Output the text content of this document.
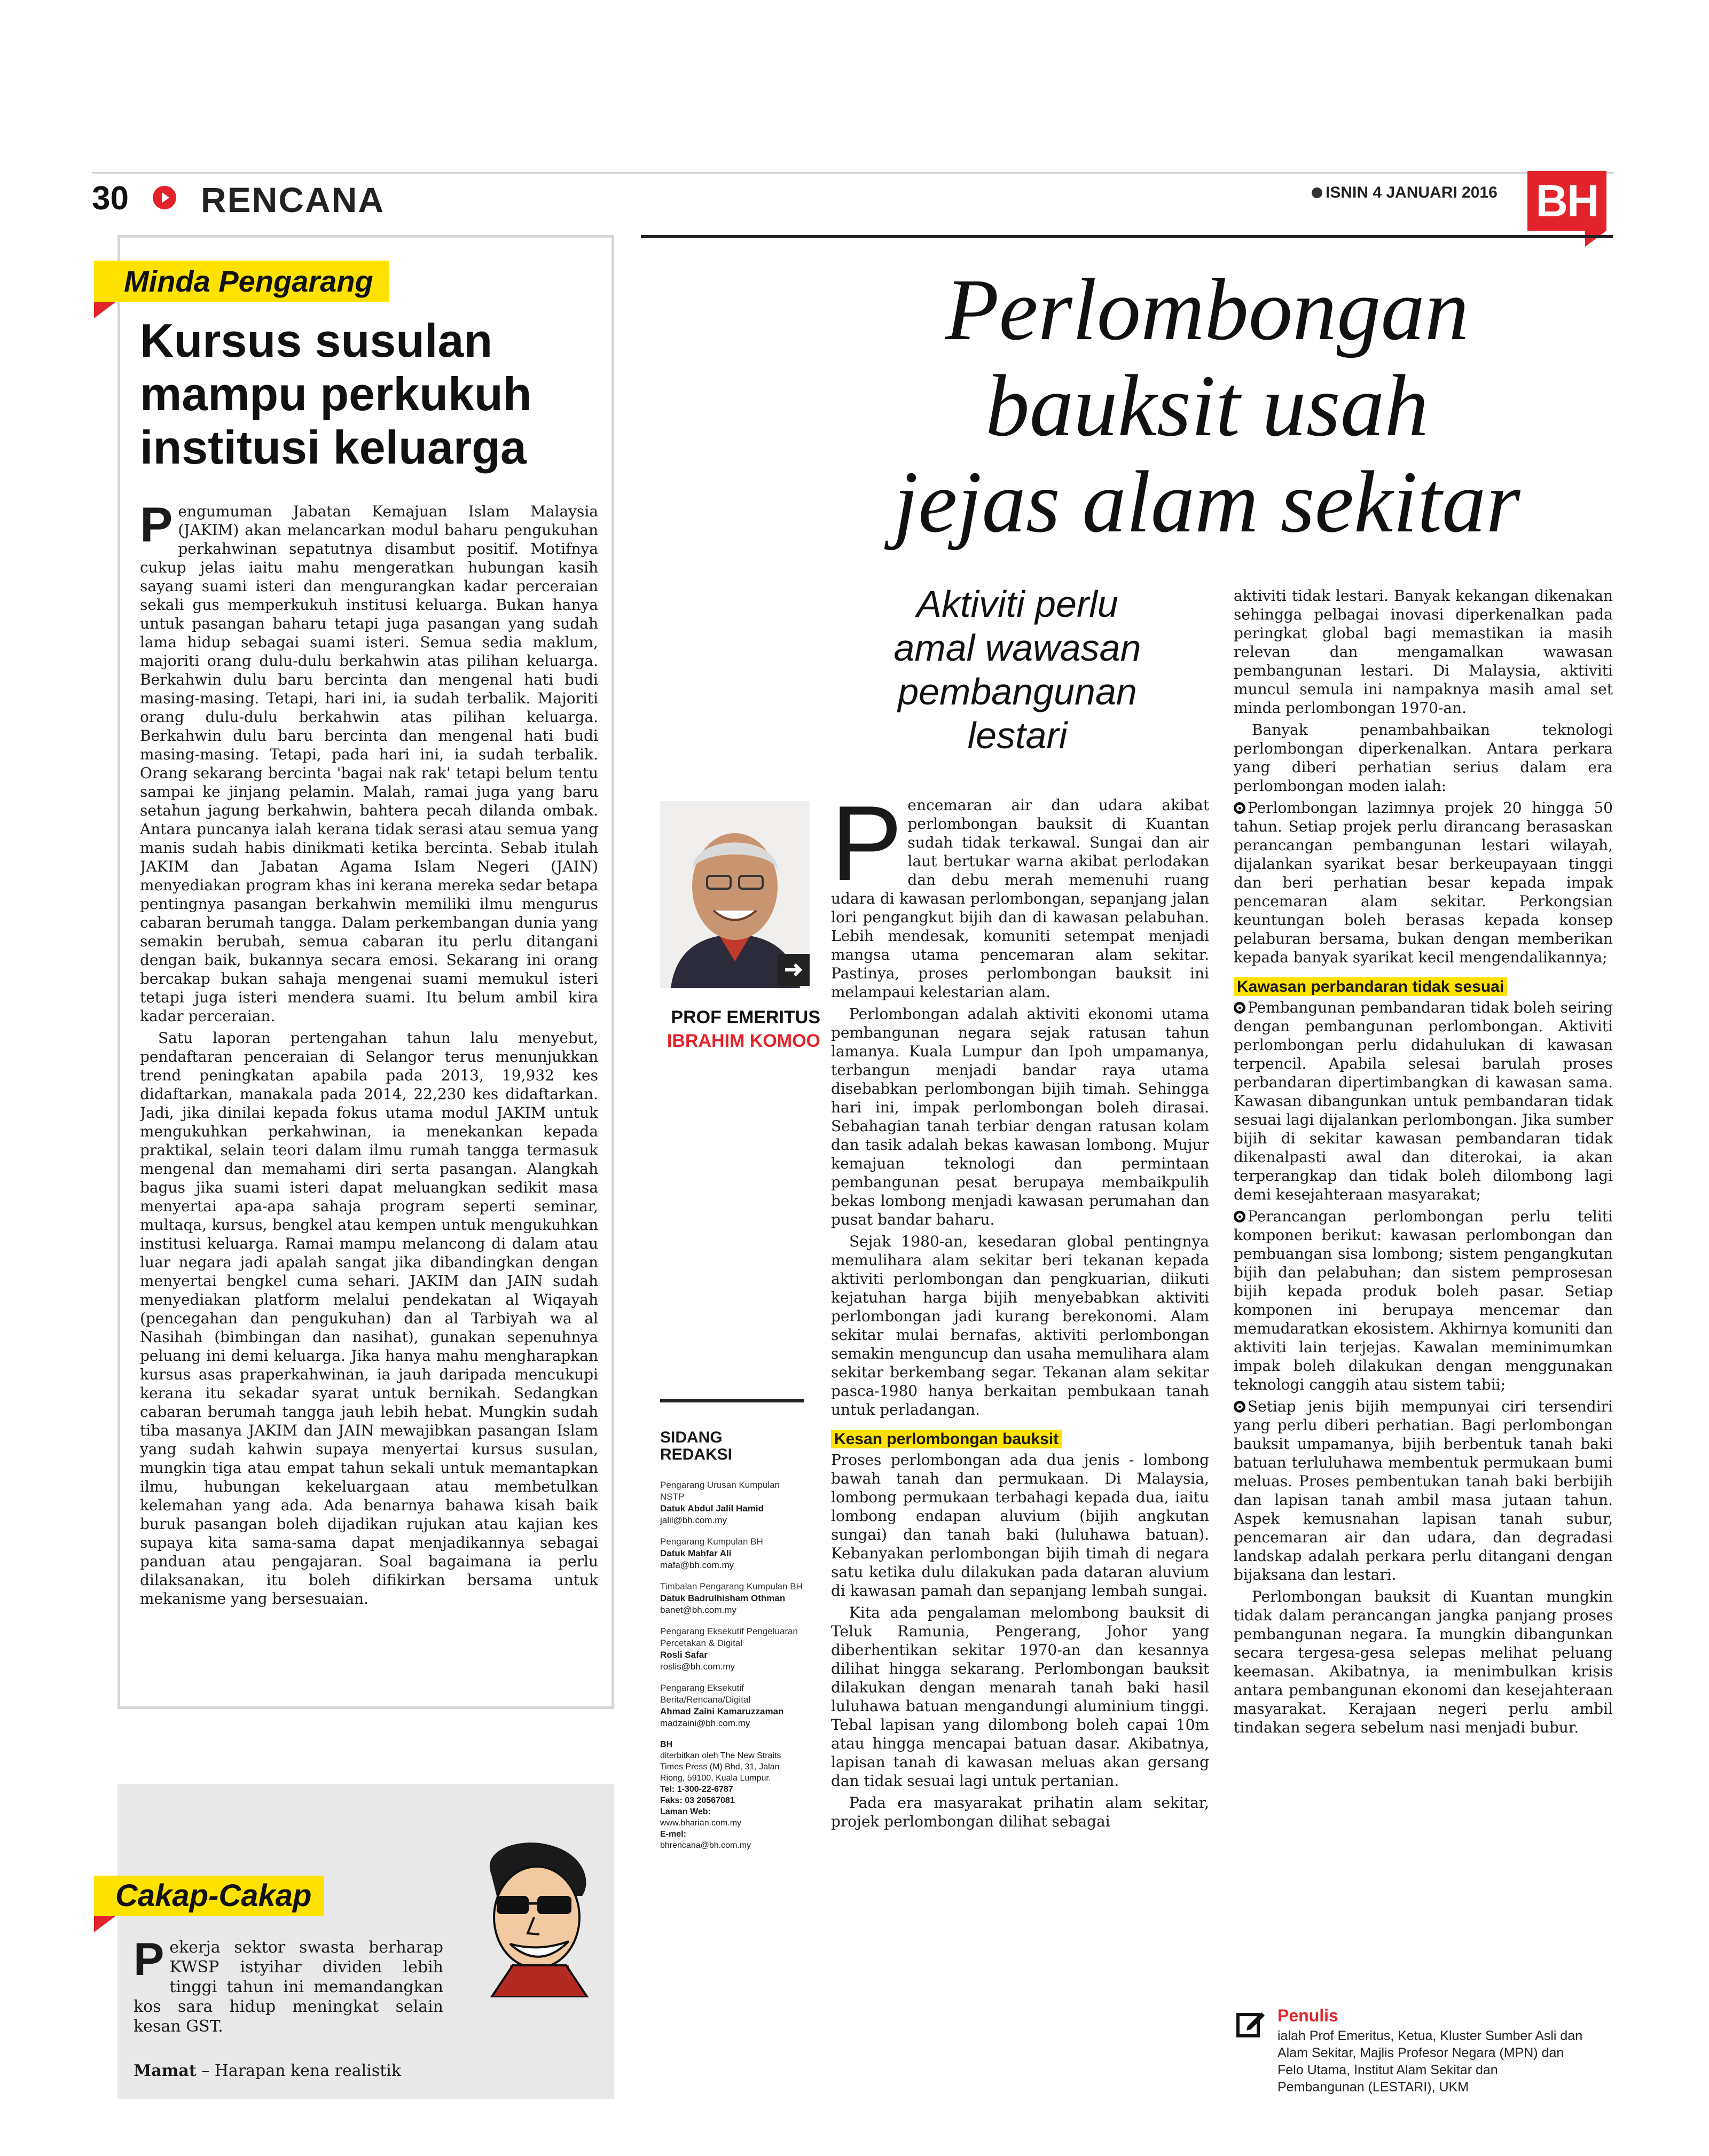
30 RENCANA	ISNIN 4 JANUARI 2016 BH
Minda Pengarang
Kursus susulan mampu perkukuh institusi keluarga
P engumuman Jabatan Kemajuan Islam Malaysia (JAKIM) akan melancarkan modul baharu pengukuhan perkahwinan sepatutnya disambut positif. Motifnya cukup jelas iaitu mahu mengeratkan hubungan kasih sayang suami isteri dan mengurangkan kadar perceraian sekali gus memperkukuh institusi keluarga. Bukan hanya untuk pasangan baharu tetapi juga pasangan yang sudah lama hidup sebagai suami isteri. Semua sedia maklum, majoriti orang dulu-dulu berkahwin atas pilihan keluarga. Berkahwin dulu baru bercinta dan mengenal hati budi masing-masing. Tetapi, hari ini, ia sudah terbalik. Majoriti orang dulu-dulu berkahwin atas pilihan keluarga. Berkahwin dulu baru bercinta dan mengenal hati budi masing-masing. Tetapi, pada hari ini, ia sudah terbalik. Orang sekarang bercinta 'bagai nak rak' tetapi belum tentu sampai ke jinjang pelamin. Malah, ramai juga yang baru setahun jagung berkahwin, bahtera pecah dilanda ombak. Antara puncanya ialah kerana tidak serasi atau semua yang manis sudah habis dinikmati ketika bercinta. Sebab itulah JAKIM dan Jabatan Agama Islam Negeri (JAIN) menyediakan program khas ini kerana mereka sedar betapa pentingnya pasangan berkahwin memiliki ilmu mengurus cabaran berumah tangga. Dalam perkembangan dunia yang semakin berubah, semua cabaran itu perlu ditangani dengan baik, bukannya secara emosi. Sekarang ini orang bercakap bukan sahaja mengenai suami memukul isteri tetapi juga isteri mendera suami. Itu belum ambil kira kadar perceraian.

Satu laporan pertengahan tahun lalu menyebut, pendaftaran penceraian di Selangor terus menunjukkan trend peningkatan apabila pada 2013, 19,932 kes didaftarkan, manakala pada 2014, 22,230 kes didaftarkan. Jadi, jika dinilai kepada fokus utama modul JAKIM untuk mengukuhkan perkahwinan, ia menekankan kepada praktikal, selain teori dalam ilmu rumah tangga termasuk mengenal dan memahami diri serta pasangan. Alangkah bagus jika suami isteri dapat meluangkan sedikit masa menyertai apa-apa sahaja program seperti seminar, multaqa, kursus, bengkel atau kempen untuk mengukuhkan institusi keluarga. Ramai mampu melancong di dalam atau luar negara jadi apalah sangat jika dibandingkan dengan menyertai bengkel cuma sehari. JAKIM dan JAIN sudah menyediakan platform melalui pendekatan al Wiqayah (pencegahan dan pengukuhan) dan al Tarbiyah wa al Nasihah (bimbingan dan nasihat), gunakan sepenuhnya peluang ini demi keluarga. Jika hanya mahu mengharapkan kursus asas praperkahwinan, ia jauh daripada mencukupi kerana itu sekadar syarat untuk bernikah. Sedangkan cabaran berumah tangga jauh lebih hebat. Mungkin sudah tiba masanya JAKIM dan JAIN mewajibkan pasangan Islam yang sudah kahwin supaya menyertai kursus susulan, mungkin tiga atau empat tahun sekali untuk memantapkan ilmu, hubungan kekeluargaan atau membetulkan kelemahan yang ada. Ada benarnya bahawa kisah baik buruk pasangan boleh dijadikan rujukan atau kajian kes supaya kita sama-sama dapat menjadikannya sebagai panduan atau pengajaran. Soal bagaimana ia perlu dilaksanakan, itu boleh difikirkan bersama untuk mekanisme yang bersesuaian.

Cakap-Cakap
P ekerja sektor swasta berharap KWSP istyihar dividen lebih tinggi tahun ini memandangkan kos sara hidup meningkat selain kesan GST.
Mamat – Harapan kena realistik
Perlombongan
bauksit usah
jejas alam sekitar
Aktiviti perlu
amal wawasan
pembangunan
lestari
PROF EMERITUS
IBRAHIM KOMOO
SIDANG
REDAKSI
Pengarang Urusan Kumpulan NSTP
Datuk Abdul Jalil Hamid
jalil@bh.com.my
Pengarang Kumpulan BH
Datuk Mahfar Ali
mafa@bh.com.my
Timbalan Pengarang Kumpulan BH
Datuk Badrulhisham Othman
banet@bh.com.my
Pengarang Eksekutif Pengeluaran Percetakan & Digital
Rosli Safar
roslis@bh.com.my
Pengarang Eksekutif Berita/Rencana/Digital
Ahmad Zaini Kamaruzzaman
madzaini@bh.com.my
BH
diterbitkan oleh The New Straits Times Press (M) Bhd, 31, Jalan Riong, 59100, Kuala Lumpur.
Tel: 1-300-22-6787
Faks: 03 20567081
Laman Web:
www.bharian.com.my
E-mel:
bhrencana@bh.com.my
P encemaran air dan udara akibat perlombongan bauksit di Kuantan sudah tidak terkawal. Sungai dan air laut bertukar warna akibat perlodakan dan debu merah memenuhi ruang udara di kawasan perlombongan, sepanjang jalan lori pengangkut bijih dan di kawasan pelabuhan. Lebih mendesak, komuniti setempat menjadi mangsa utama pencemaran alam sekitar. Pastinya, proses perlombongan bauksit ini melampaui kelestarian alam.

Perlombongan adalah aktiviti ekonomi utama pembangunan negara sejak ratusan tahun lamanya. Kuala Lumpur dan Ipoh umpamanya, terbangun menjadi bandar raya utama disebabkan perlombongan bijih timah. Sehingga hari ini, impak perlombongan boleh dirasai. Sebahagian tanah terbiar dengan ratusan kolam dan tasik adalah bekas kawasan lombong. Mujur kemajuan teknologi dan permintaan pembangunan pesat berupaya membaikpulih bekas lombong menjadi kawasan perumahan dan pusat bandar baharu.

Sejak 1980-an, kesedaran global pentingnya memulihara alam sekitar beri tekanan kepada aktiviti perlombongan dan pengkuarian, diikuti kejatuhan harga bijih menyebabkan aktiviti perlombongan jadi kurang berekonomi. Alam sekitar mulai bernafas, aktiviti perlombongan semakin menguncup dan usaha memulihara alam sekitar berkembang segar. Tekanan alam sekitar pasca-1980 hanya berkaitan pembukaan tanah untuk perladangan.

Kesan perlombongan bauksit

Proses perlombongan ada dua jenis - lombong bawah tanah dan permukaan. Di Malaysia, lombong permukaan terbahagi kepada dua, iaitu lombong endapan aluvium (bijih angkutan sungai) dan tanah baki (luluhawa batuan). Kebanyakan perlombongan bijih timah di negara satu ketika dulu dilakukan pada dataran aluvium di kawasan pamah dan sepanjang lembah sungai.

Kita ada pengalaman melombong bauksit di Teluk Ramunia, Pengerang, Johor yang diberhentikan sekitar 1970-an dan kesannya dilihat hingga sekarang. Perlombongan bauksit dilakukan dengan menarah tanah baki hasil luluhawa batuan mengandungi aluminium tinggi. Tebal lapisan yang dilombong boleh capai 10m atau hingga mencapai batuan dasar. Akibatnya, lapisan tanah di kawasan meluas akan gersang dan tidak sesuai lagi untuk pertanian.

Pada era masyarakat prihatin alam sekitar, projek perlombongan dilihat sebagai

aktiviti tidak lestari. Banyak kekangan dikenakan sehingga pelbagai inovasi diperkenalkan pada peringkat global bagi memastikan ia masih relevan dan mengamalkan wawasan pembangunan lestari. Di Malaysia, aktiviti muncul semula ini nampaknya masih amal set minda perlombongan 1970-an.

Banyak penambahbaikan teknologi perlombongan diperkenalkan. Antara perkara yang diberi perhatian serius dalam era perlombongan moden ialah:

Perlombongan lazimnya projek 20 hingga 50 tahun. Setiap projek perlu dirancang berasaskan perancangan pembangunan lestari wilayah, dijalankan syarikat besar berkeupayaan tinggi dan beri perhatian besar kepada impak pencemaran alam sekitar. Perkongsian keuntungan boleh berasas kepada konsep pelaburan bersama, bukan dengan memberikan kepada banyak syarikat kecil mengendalikannya;

Kawasan perbandaran tidak sesuai

Pembangunan pembandaran tidak boleh seiring dengan pembangunan perlombongan. Aktiviti perlombongan perlu didahulukan di kawasan terpencil. Apabila selesai barulah proses perbandaran dipertimbangkan di kawasan sama. Kawasan dibangunkan untuk pembandaran tidak sesuai lagi dijalankan perlombongan. Jika sumber bijih di sekitar kawasan pembandaran tidak dikenalpasti awal dan diterokai, ia akan terperangkap dan tidak boleh dilombong lagi demi kesejahteraan masyarakat;

Perancangan perlombongan perlu teliti komponen berikut: kawasan perlombongan dan pembuangan sisa lombong; sistem pengangkutan bijih dan pelabuhan; dan sistem pemprosesan bijih kepada produk boleh pasar. Setiap komponen ini berupaya mencemar dan memudaratkan ekosistem. Akhirnya komuniti dan aktiviti lain terjejas. Kawalan meminimumkan impak boleh dilakukan dengan menggunakan teknologi canggih atau sistem tabii;

Setiap jenis bijih mempunyai ciri tersendiri yang perlu diberi perhatian. Bagi perlombongan bauksit umpamanya, bijih berbentuk tanah baki batuan terluluhawa membentuk permukaan bumi meluas. Proses pembentukan tanah baki berbijih dan lapisan tanah ambil masa jutaan tahun. Aspek kemusnahan lapisan tanah subur, pencemaran air dan udara, dan degradasi landskap adalah perkara perlu ditangani dengan bijaksana dan lestari.

Perlombongan bauksit di Kuantan mungkin tidak dalam perancangan jangka panjang proses pembangunan negara. Ia mungkin dibangunkan secara tergesa-gesa selepas melihat peluang keemasan. Akibatnya, ia menimbulkan krisis antara pembangunan ekonomi dan kesejahteraan masyarakat. Kerajaan negeri perlu ambil tindakan segera sebelum nasi menjadi bubur.

Penulis
ialah Prof Emeritus, Ketua, Kluster Sumber Asli dan Alam Sekitar, Majlis Profesor Negara (MPN) dan Felo Utama, Institut Alam Sekitar dan Pembangunan (LESTARI), UKM
